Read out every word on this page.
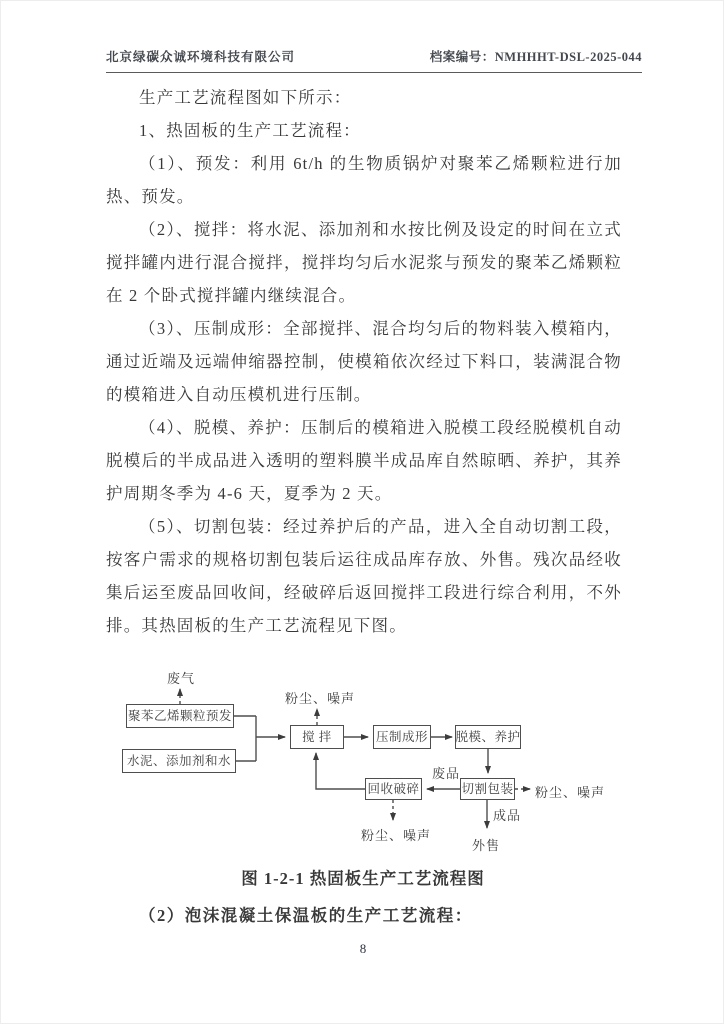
北京绿碳众诚环境科技有限公司	档案编号：NMHHHT-DSL-2025-044

生产工艺流程图如下所示：

1、热固板的生产工艺流程：

（1）、预发：利用 6t/h 的生物质锅炉对聚苯乙烯颗粒进行加热、预发。

（2）、搅拌：将水泥、添加剂和水按比例及设定的时间在立式搅拌罐内进行混合搅拌，搅拌均匀后水泥浆与预发的聚苯乙烯颗粒在 2 个卧式搅拌罐内继续混合。

（3）、压制成形：全部搅拌、混合均匀后的物料装入模箱内，通过近端及远端伸缩器控制，使模箱依次经过下料口，装满混合物的模箱进入自动压模机进行压制。

（4）、脱模、养护：压制后的模箱进入脱模工段经脱模机自动脱模后的半成品进入透明的塑料膜半成品库自然晾晒、养护，其养护周期冬季为 4-6 天，夏季为 2 天。

（5）、切割包装：经过养护后的产品，进入全自动切割工段，按客户需求的规格切割包装后运往成品库存放、外售。残次品经收集后运至废品回收间，经破碎后返回搅拌工段进行综合利用，不外排。其热固板的生产工艺流程见下图。

聚苯乙烯颗粒预发
水泥、添加剂和水
搅 拌	压制成形 脱模、养护
回收破碎	切割包装
废气
粉尘、噪声
废品
粉尘、噪声
成品
外售
粉尘、噪声
图 1-2-1 热固板生产工艺流程图
（2）泡沫混凝土保温板的生产工艺流程：
8
